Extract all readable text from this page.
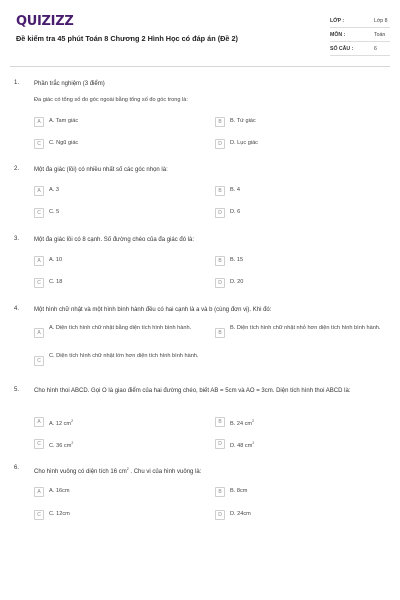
QUIZIZZ
Đề kiểm tra 45 phút Toán 8 Chương 2 Hình Học có đáp án (Đề 2)
LỚP :	Lớp 8
MÔN :	Toán
SỐ CÂU :	6
1. Phần trắc nghiệm (3 điểm)
Đa giác có tổng số đo góc ngoài bằng tổng số đo góc trong là:
A	A. Tam giác	B	B. Tứ giác
C	C. Ngũ giác	D	D. Lục giác
2. Một đa giác (lồi) có nhiều nhất số các góc nhọn là:
A	A. 3	B	B. 4
C	C. 5	D	D. 6
3. Một đa giác lồi có 8 cạnh. Số đường chéo của đa giác đó là:
A	A. 10	B	B. 15
C	C. 18	D	D. 20
4. Một hình chữ nhật và một hình bình hành đều có hai cạnh là a và b (cùng đơn vị). Khi đó:
A
A. Diện tích hình chữ nhật bằng diện tích hình bình hành.
B
B. Diện tích hình chữ nhật nhỏ hơn diện tích hình bình hành.
C
C. Diện tích hình chữ nhật lớn hơn diện tích hình bình hành.
5. Cho hình thoi ABCD. Gọi O là giao điểm của hai đường chéo, biết AB = 5cm và AO = 3cm. Diện tích hình thoi ABCD là:
A	A. 12 $cm^2$	B	B. 24 $cm^2$
C	C. 36 $cm^2$	D	D. 48 $cm^2$
6.
Cho hình vuông có diện tích 16 $cm^2$ . Chu vi của hình vuông là:
A	A. 16cm	B	B. 8cm
C	C. 12cm	D	D. 24cm
